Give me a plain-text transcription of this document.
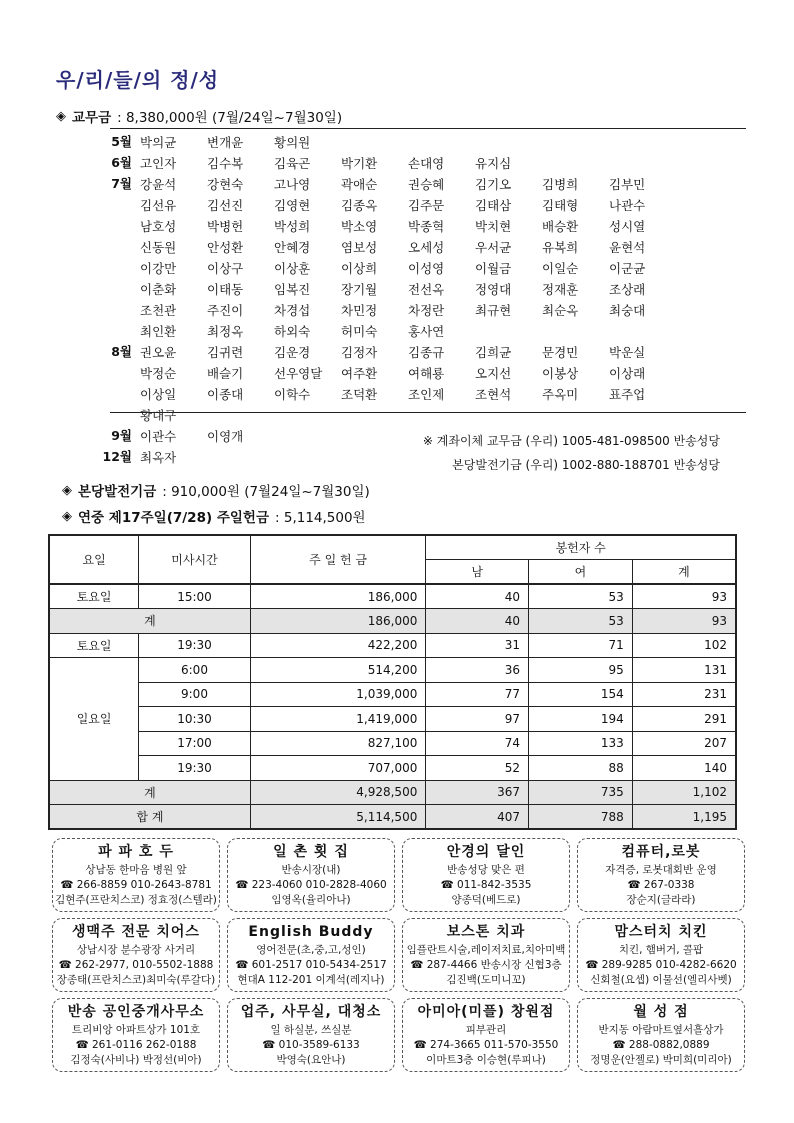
우/리/들/의 정/성
◈ 교무금 : 8,380,000원 (7월/24일~7월30일)
5월 박의균	변개윤	황의원
6월 고인자	김수복	김육곤	박기환	손대영	유지심
7월 강윤석	강현숙	고나영	곽애순	권승혜	김기오	김병희	김부민
김선유	김선진	김영현	김종옥	김주문	김태삼	김태형	나관수
남호성	박병헌	박성희	박소영	박종혁	박치현	배승환	성시열
신동원	안성환	안혜경	염보성	오세성	우서균	유복희	윤현석
이강만	이상구	이상훈	이상희	이성영	이월금	이일순	이군균
이춘화	이태동	임복진	장기월	전선옥	정영대	정재훈	조상래
조천관	주진이	차경섭	차민정	차정란	최규현	최순옥	최숭대
최인환	최정옥	하외숙	허미숙	홍사연
8월 권오윤	김귀련	김운경	김정자	김종규	김희균	문경민	박운실
박정순	배슬기	선우영달	여주환	여해룡	오지선	이봉상	이상래
이상일	이종대	이학수	조덕환	조인제	조현석	주옥미	표주업
황대구
9월 이관수	이영개
12월 최옥자
※ 계좌이체 교무금 (우리) 1005-481-098500 반송성당
본당발전기금 (우리) 1002-880-188701 반송성당
◈ 본당발전기금 : 910,000원 (7월24일~7월30일)
◈ 연중 제17주일(7/28) 주일헌금 : 5,114,500원
요일	미사시간	주 일 헌 금	봉헌자 수		
			남	여	계
토요일	15:00	186,000	40	53	93
계		186,000	40	53	93
토요일	19:30	422,200	31	71	102
일요일	6:00	514,200	36	95	131
	9:00	1,039,000	77	154	231
	10:30	1,419,000	97	194	291
	17:00	827,100	74	133	207
	19:30	707,000	52	88	140
계		4,928,500	367	735	1,102
합 계		5,114,500	407	788	1,195
파 파 호 두
상남동 한마음 병원 앞
☎ 266-8859 010-2643-8781
김현주(프란치스코) 정효정(스텔라)
일 촌 횟 집
반송시장(내)
☎ 223-4060 010-2828-4060
임영옥(율리아나)
안경의 달인
반송성당 맞은 편
☎ 011-842-3535
양종덕(베드로)
컴퓨터,로봇
자격증, 로봇대회반 운영
☎ 267-0338
장순지(글라라)
생맥주 전문 치어스
상남시장 분수광장 사거리
☎ 262-2977, 010-5502-1888
장종태(프란치스코)최미숙(루갈다)
English Buddy
영어전문(초,중,고,성인)
☎ 601-2517 010-5434-2517
현대A 112-201 이계석(레지나)
보스톤 치과
임플란트시술,레이저치료,치아미백
☎ 287-4466 반송시장 신협3층
김진백(도미니꼬)
맘스터치 치킨
치킨, 햄버거, 콜팝
☎ 289-9285 010-4282-6620
신회철(요셉) 이물선(엘리사벳)
반송 공인중개사무소
트리비앙 아파트상가 101호
☎ 261-0116 262-0188
김정숙(사비나) 박정선(비아)
업주, 사무실, 대청소
일 하실분, 쓰실분
☎ 010-3589-6133
박영숙(요안나)
아미아(미플) 창원점
피부관리
☎ 274-3665 011-570-3550
이마트3층 이승현(루피나)
월 성 점
반지동 아람마트옆서흘상가
☎ 288-0882,0889
정명운(안젤로) 박미희(미리아)
